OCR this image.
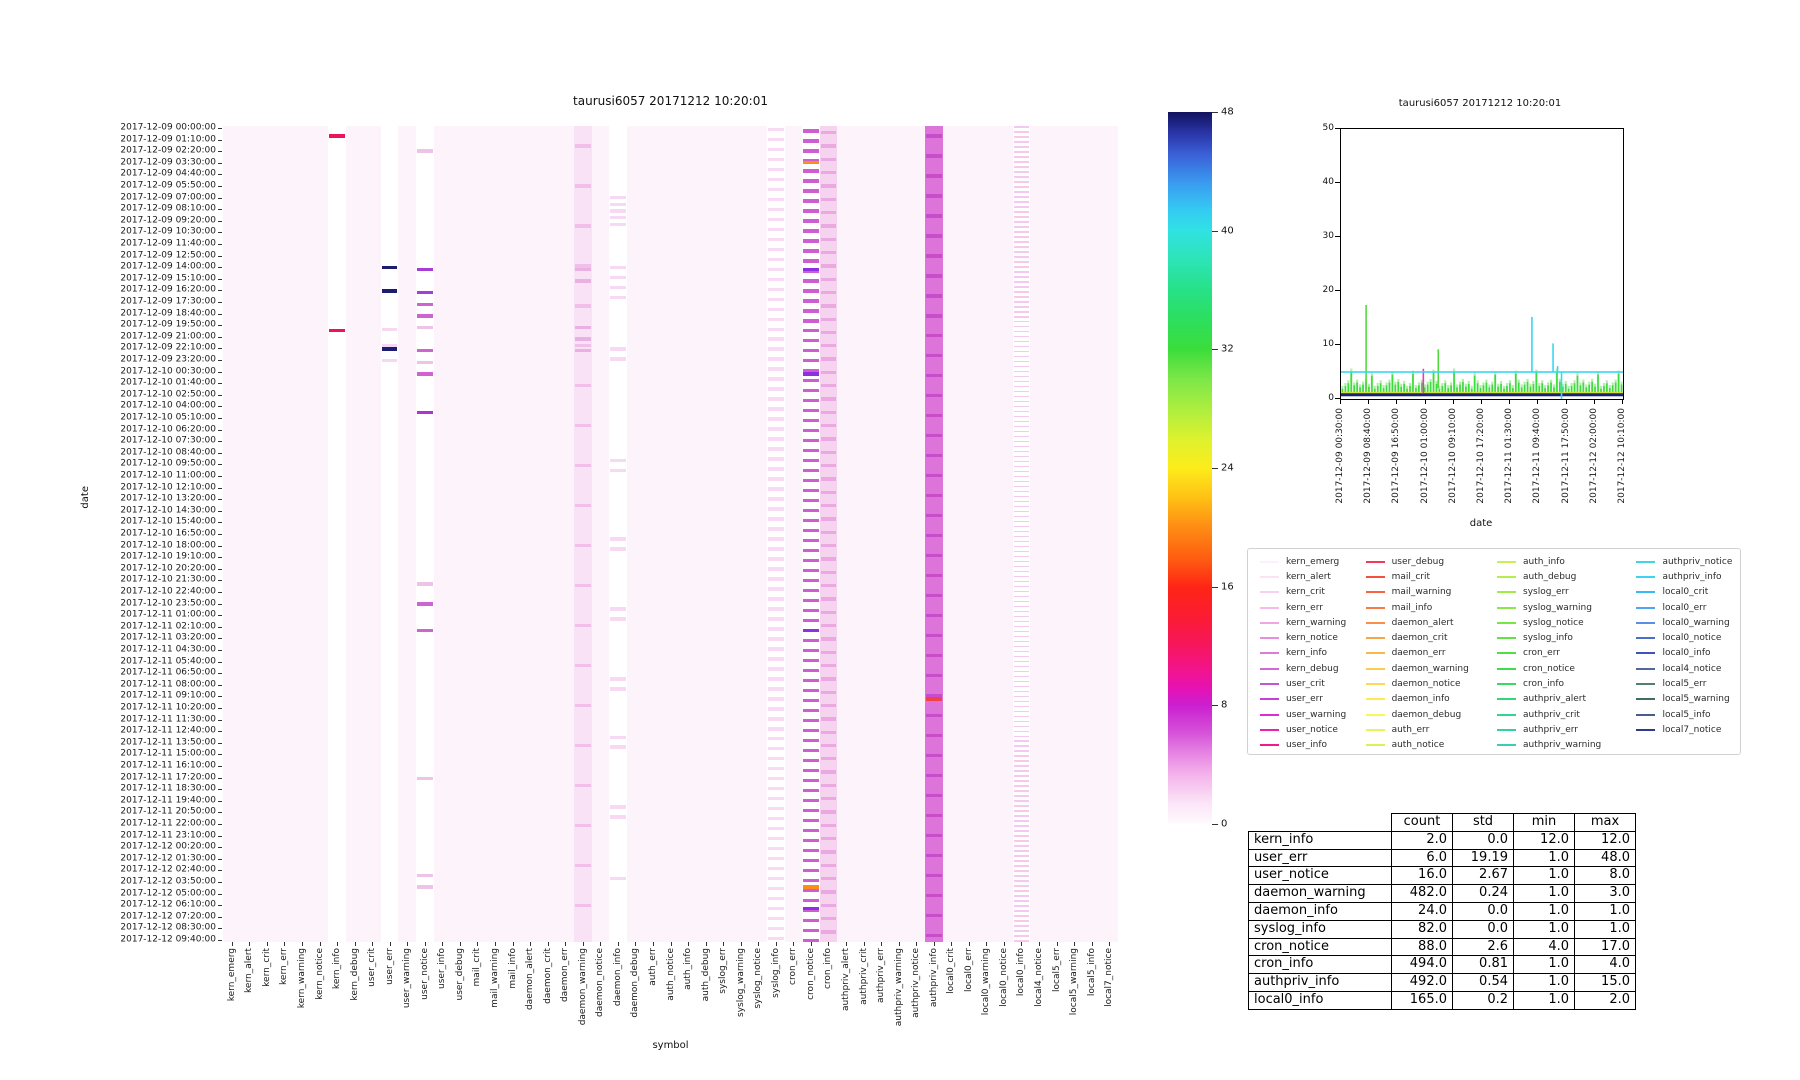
taurusi6057 20171212 10:20:01
date
2017-12-09 00:00:00
2017-12-09 01:10:00
2017-12-09 02:20:00
2017-12-09 03:30:00
2017-12-09 04:40:00
2017-12-09 05:50:00
2017-12-09 07:00:00
2017-12-09 08:10:00
2017-12-09 09:20:00
2017-12-09 10:30:00
2017-12-09 11:40:00
2017-12-09 12:50:00
2017-12-09 14:00:00
2017-12-09 15:10:00
2017-12-09 16:20:00
2017-12-09 17:30:00
2017-12-09 18:40:00
2017-12-09 19:50:00
2017-12-09 21:00:00
2017-12-09 22:10:00
2017-12-09 23:20:00
2017-12-10 00:30:00
2017-12-10 01:40:00
2017-12-10 02:50:00
2017-12-10 04:00:00
2017-12-10 05:10:00
2017-12-10 06:20:00
2017-12-10 07:30:00
2017-12-10 08:40:00
2017-12-10 09:50:00
2017-12-10 11:00:00
2017-12-10 12:10:00
2017-12-10 13:20:00
2017-12-10 14:30:00
2017-12-10 15:40:00
2017-12-10 16:50:00
2017-12-10 18:00:00
2017-12-10 19:10:00
2017-12-10 20:20:00
2017-12-10 21:30:00
2017-12-10 22:40:00
2017-12-10 23:50:00
2017-12-11 01:00:00
2017-12-11 02:10:00
2017-12-11 03:20:00
2017-12-11 04:30:00
2017-12-11 05:40:00
2017-12-11 06:50:00
2017-12-11 08:00:00
2017-12-11 09:10:00
2017-12-11 10:20:00
2017-12-11 11:30:00
2017-12-11 12:40:00
2017-12-11 13:50:00
2017-12-11 15:00:00
2017-12-11 16:10:00
2017-12-11 17:20:00
2017-12-11 18:30:00
2017-12-11 19:40:00
2017-12-11 20:50:00
2017-12-11 22:00:00
2017-12-11 23:10:00
2017-12-12 00:20:00
2017-12-12 01:30:00
2017-12-12 02:40:00
2017-12-12 03:50:00
2017-12-12 05:00:00
2017-12-12 06:10:00
2017-12-12 07:20:00
2017-12-12 08:30:00
2017-12-12 09:40:00
kern_emerg kern_alert kern_crit kern_err kern_warning kern_notice kern_info kern_debug user_crit user_err user_warning user_notice user_info user_debug mail_crit mail_warning mail_info daemon_alert daemon_crit daemon_err daemon_warning daemon_notice daemon_info daemon_debug auth_err auth_notice auth_info auth_debug syslog_err syslog_warning syslog_notice syslog_info cron_err cron_notice cron_info authpriv_alert authpriv_crit authpriv_err authpriv_warning authpriv_notice authpriv_info local0_crit local0_err local0_warning local0_notice local0_info local4_notice local5_err local5_warning local5_info local7_notice
symbol
0
8
16
24
32
40
48
taurusi6057 20171212 10:20:01
0
10
20
30
40
50
2017-12-09 00:30:00 2017-12-09 08:40:00 2017-12-09 16:50:00 2017-12-10 01:00:00 2017-12-10 09:10:00 2017-12-10 17:20:00 2017-12-11 01:30:00 2017-12-11 09:40:00 2017-12-11 17:50:00 2017-12-12 02:00:00 2017-12-12 10:10:00
date
kern_emerg
kern_alert
kern_crit
kern_err
kern_warning
kern_notice
kern_info
kern_debug
user_crit
user_err
user_warning
user_notice
user_info
user_debug
mail_crit
mail_warning
mail_info
daemon_alert
daemon_crit
daemon_err
daemon_warning
daemon_notice
daemon_info
daemon_debug
auth_err
auth_notice
auth_info
auth_debug
syslog_err
syslog_warning
syslog_notice
syslog_info
cron_err
cron_notice
cron_info
authpriv_alert
authpriv_crit
authpriv_err
authpriv_warning
authpriv_notice
authpriv_info
local0_crit
local0_err
local0_warning
local0_notice
local0_info
local4_notice
local5_err
local5_warning
local5_info
local7_notice
	count	std	min	max
kern_info	2.0	0.0	12.0	12.0
user_err	6.0	19.19	1.0	48.0
user_notice	16.0	2.67	1.0	8.0
daemon_warning	482.0	0.24	1.0	3.0
daemon_info	24.0	0.0	1.0	1.0
syslog_info	82.0	0.0	1.0	1.0
cron_notice	88.0	2.6	4.0	17.0
cron_info	494.0	0.81	1.0	4.0
authpriv_info	492.0	0.54	1.0	15.0
local0_info	165.0	0.2	1.0	2.0
